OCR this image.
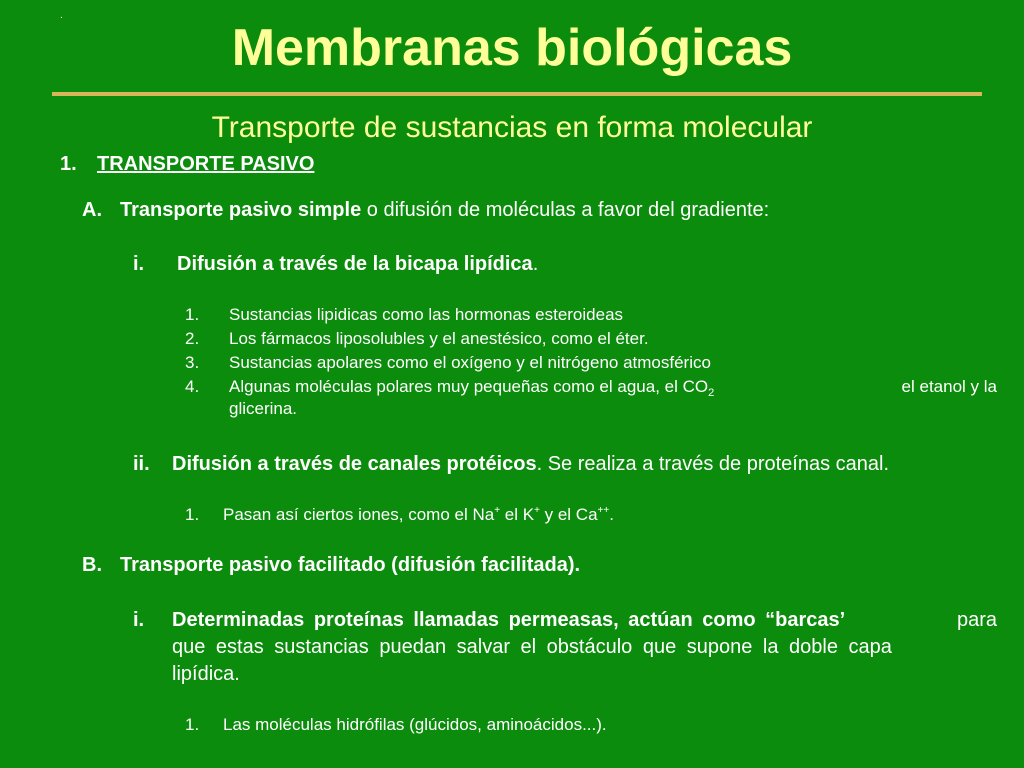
.
Membranas biológicas
Transporte de sustancias en forma molecular
1. TRANSPORTE PASIVO
A. Transporte pasivo simple o difusión de moléculas a favor del gradiente:
i. Difusión a través de la bicapa lipídica.
1. Sustancias lipidicas como las hormonas esteroideas
2. Los fármacos liposolubles y el anestésico, como el éter.
3. Sustancias apolares como el oxígeno y el nitrógeno atmosférico
4.	Algunas moléculas polares muy pequeñas como el agua, el $CO_2$	el etanol y la
glicerina.
ii. Difusión a través de canales protéicos. Se realiza a través de proteínas canal.
1. Pasan así ciertos iones, como el Na+ el K+ y el Ca++.
B. Transporte pasivo facilitado (difusión facilitada).
i.	Determinadas proteínas llamadas permeasas, actúan como “barcas’	para
que estas sustancias puedan salvar el obstáculo que supone la doble capa
lipídica.
1. Las moléculas hidrófilas (glúcidos, aminoácidos...).
